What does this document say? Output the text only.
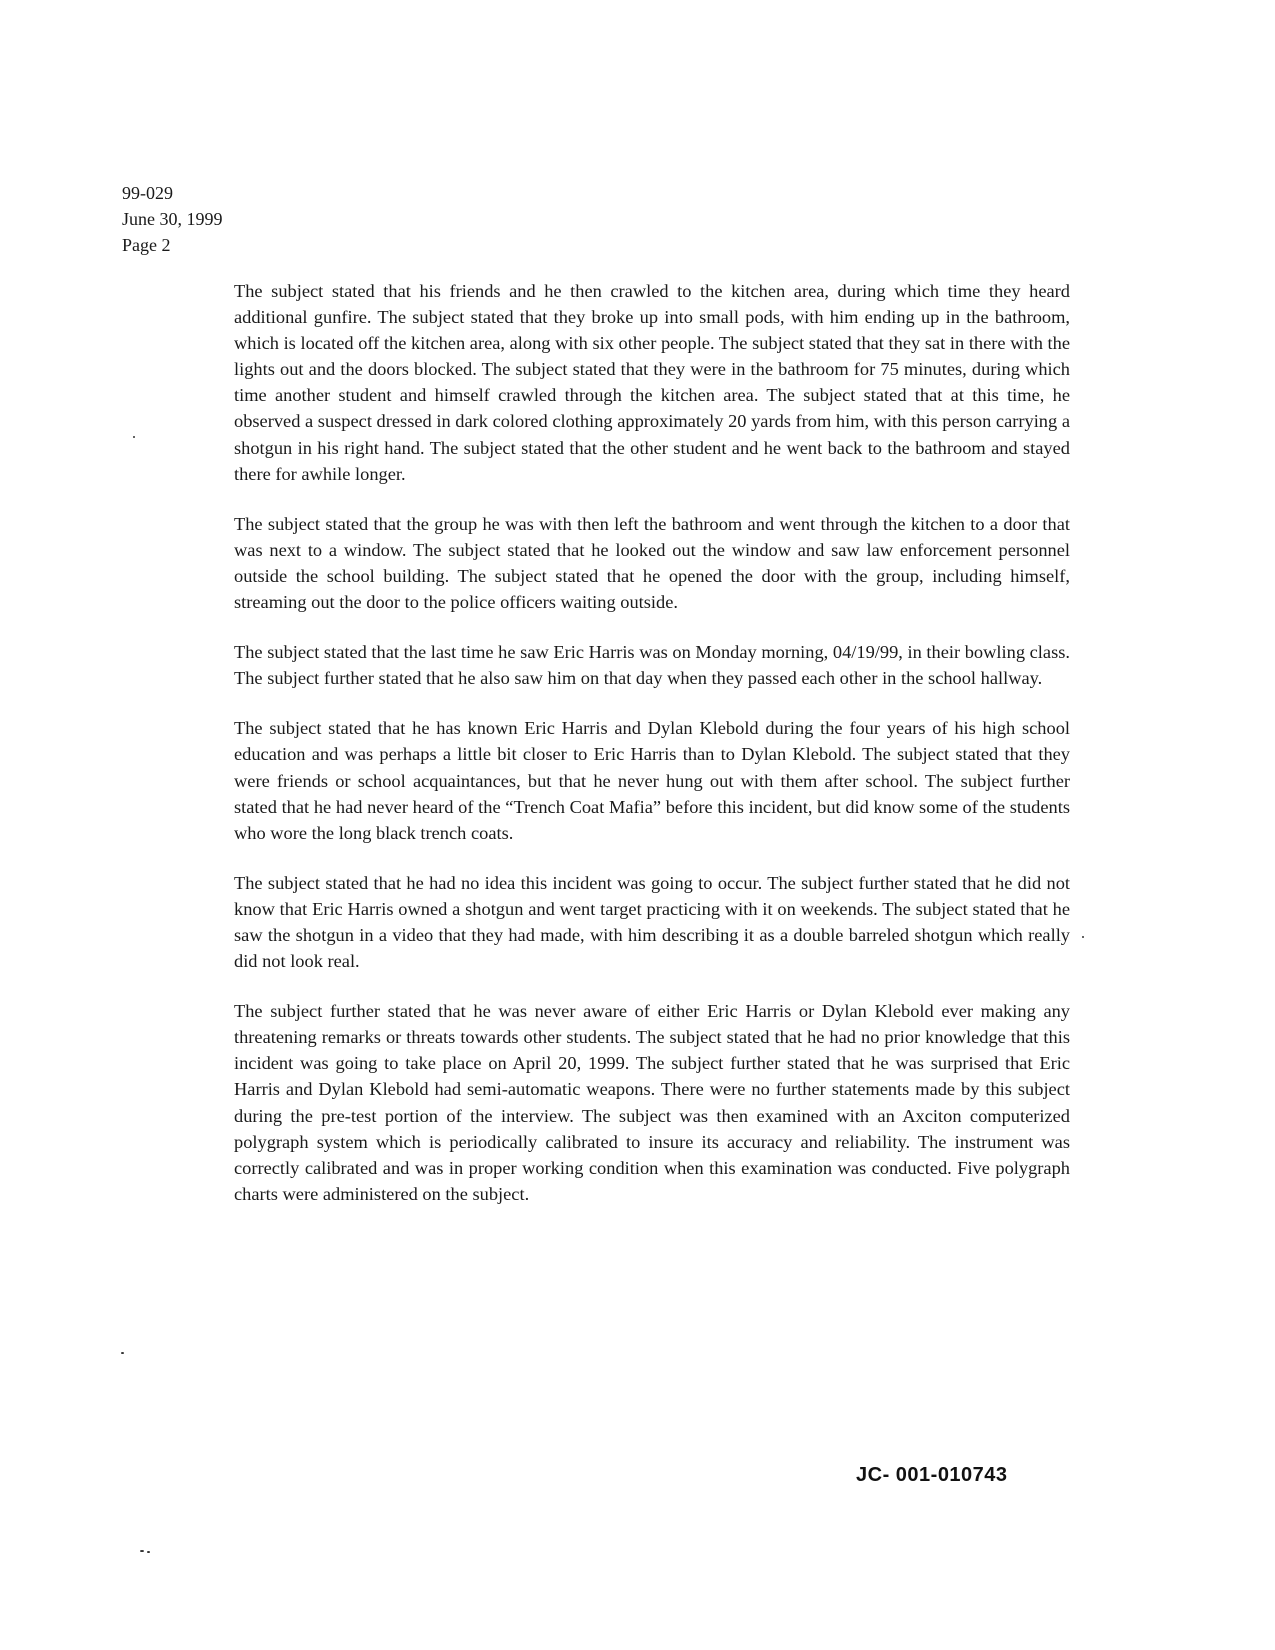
99-029
June 30, 1999
Page 2

The subject stated that his friends and he then crawled to the kitchen area, during which time they heard additional gunfire. The subject stated that they broke up into small pods, with him ending up in the bathroom, which is located off the kitchen area, along with six other people. The subject stated that they sat in there with the lights out and the doors blocked. The subject stated that they were in the bathroom for 75 minutes, during which time another student and himself crawled through the kitchen area. The subject stated that at this time, he observed a suspect dressed in dark colored clothing approximately 20 yards from him, with this person carrying a shotgun in his right hand. The subject stated that the other student and he went back to the bathroom and stayed there for awhile longer.

The subject stated that the group he was with then left the bathroom and went through the kitchen to a door that was next to a window. The subject stated that he looked out the window and saw law enforcement personnel outside the school building. The subject stated that he opened the door with the group, including himself, streaming out the door to the police officers waiting outside.

The subject stated that the last time he saw Eric Harris was on Monday morning, 04/19/99, in their bowling class. The subject further stated that he also saw him on that day when they passed each other in the school hallway.

The subject stated that he has known Eric Harris and Dylan Klebold during the four years of his high school education and was perhaps a little bit closer to Eric Harris than to Dylan Klebold. The subject stated that they were friends or school acquaintances, but that he never hung out with them after school. The subject further stated that he had never heard of the “Trench Coat Mafia” before this incident, but did know some of the students who wore the long black trench coats.

The subject stated that he had no idea this incident was going to occur. The subject further stated that he did not know that Eric Harris owned a shotgun and went target practicing with it on weekends. The subject stated that he saw the shotgun in a video that they had made, with him describing it as a double barreled shotgun which really did not look real.

The subject further stated that he was never aware of either Eric Harris or Dylan Klebold ever making any threatening remarks or threats towards other students. The subject stated that he had no prior knowledge that this incident was going to take place on April 20, 1999. The subject further stated that he was surprised that Eric Harris and Dylan Klebold had semi-automatic weapons. There were no further statements made by this subject during the pre-test portion of the interview. The subject was then examined with an Axciton computerized polygraph system which is periodically calibrated to insure its accuracy and reliability. The instrument was correctly calibrated and was in proper working condition when this examination was conducted. Five polygraph charts were administered on the subject.

JC- 001-010743
